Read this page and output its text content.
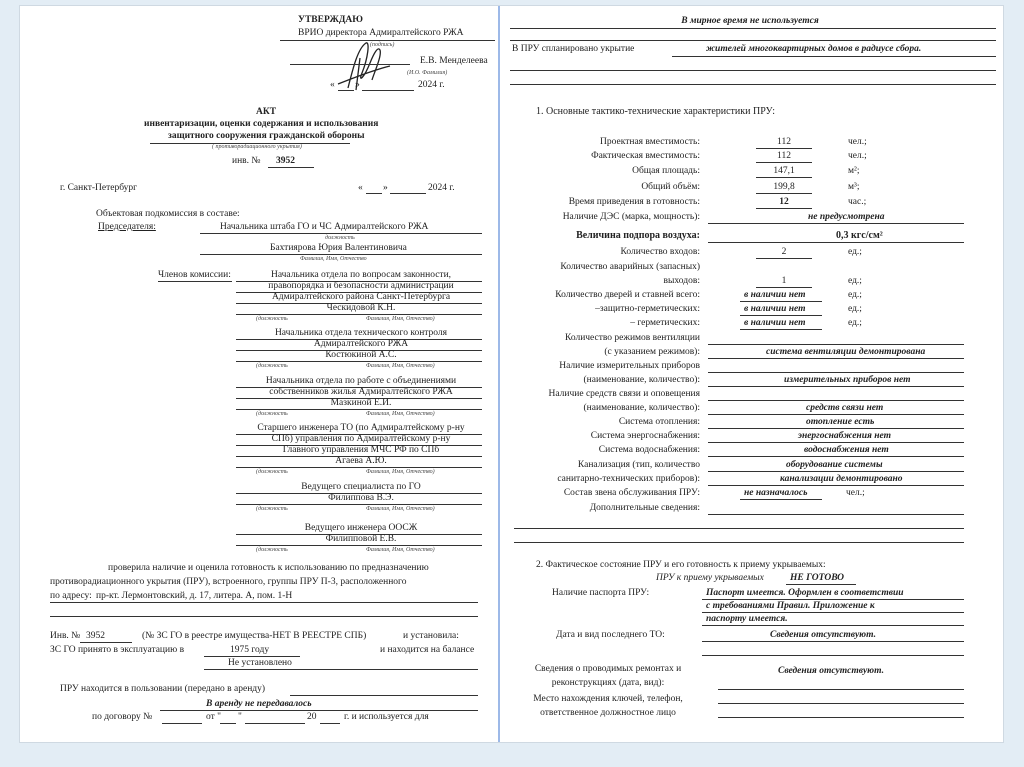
УТВЕРЖДАЮ
ВРИО директора Адмиралтейского РЖА
(подпись)
Е.В. Менделеева
(И.О. Фамилия)
« »	2024 г.
АКТ
инвентаризации, оценки содержания и использования
защитного сооружения гражданской обороны
( противорадиационного укрытия)
инв. № 3952
г. Санкт-Петербург	« »	2024 г.
Объектовая подкомиссия в составе:
Председателя:	Начальника штаба ГО и ЧС Адмиралтейского РЖА
должность
Бахтиярова Юрия Валентиновича
Фамилия, Имя, Отчество
Членов комиссии:	Начальника отдела по вопросам законности,
правопорядка и безопасности администрации
Адмиралтейского района Санкт-Петербурга
Ческидовой К.Н.
(должность	Фамилия, Имя, Отчество)
Начальника отдела технического контроля
Адмиралтейского РЖА
Костюкиной А.С.
(должность	Фамилия, Имя, Отчество)
Начальника отдела по работе с объединениями
собственников жилья Адмиралтейского РЖА
Мазкиной Е.И.
(должность	Фамилия, Имя, Отчество)
Старшего инженера ТО (по Адмиралтейскому р-ну
СПб) управления по Адмиралтейскому р-ну
Главного управления МЧС РФ по СПб
Агаева А.Ю.
(должность	Фамилия, Имя, Отчество)
Ведущего специалиста по ГО
Филиппова В.Э.
(должность	Фамилия, Имя, Отчество)
Ведущего инженера ООСЖ
Филипповой Е.В.
(должность	Фамилия, Имя, Отчество)
проверила наличие и оценила готовность к использованию по предназначению
противорадиационного укрытия (ПРУ), встроенного, группы ПРУ П-3, расположенного
по адресу: пр-кт. Лермонтовский, д. 17, литера. А, пом. 1-Н
Инв. № 3952	(№ ЗС ГО в реестре имущества-НЕТ В РЕЕСТРЕ СПБ)	и установила:
ЗС ГО принято в эксплуатацию в	1975 году	и находится на балансе
Не установлено
ПРУ находится в пользовании (передано в аренду)
В аренду не передавалось
по договору №	от " "	20	г. и используется для
В мирное время не используется
В ПРУ спланировано укрытие	жителей многоквартирных домов в радиусе сбора.
1. Основные тактико-технические характеристики ПРУ:
Проектная вместимость:	112	чел.;
Фактическая вместимость:	112	чел.;
Общая площадь:	147,1	м²;
Общий объём:	199,8	м³;
Время приведения в готовность:	12	час.;
Наличие ДЭС (марка, мощность):	не предусмотрена
Величина подпора воздуха:	0,3 кгс/см²
Количество входов:	2	ед.;
Количество аварийных (запасных)
выходов:	1	ед.;
Количество дверей и ставней всего:	в наличии нет	ед.;
–защитно-герметических:	в наличии нет	ед.;
– герметических:	в наличии нет	ед.;
Количество режимов вентиляции
(с указанием режимов):	система вентиляции демонтирована
Наличие измерительных приборов
(наименование, количество):	измерительных приборов нет
Наличие средств связи и оповещения
(наименование, количество):	средств связи нет
Система отопления:	отопление есть
Система энергоснабжения:	энергоснабжения нет
Система водоснабжения:	водоснабжения нет
Канализация (тип, количество	оборудование системы
санитарно-технических приборов):	канализации демонтировано
Состав звена обслуживания ПРУ:	не назначалось	чел.;
Дополнительные сведения:
2. Фактическое состояние ПРУ и его готовность к приему укрываемых:
ПРУ к приему укрываемых	НЕ ГОТОВО
Наличие паспорта ПРУ:	Паспорт имеется. Оформлен в соответствии
с требованиями Правил. Приложение к
паспорту имеется.
Дата и вид последнего ТО:	Сведения отсутствуют.
Сведения о проводимых ремонтах и	Сведения отсутствуют.
реконструкциях (дата, вид):
Место нахождения ключей, телефон,
ответственное должностное лицо
